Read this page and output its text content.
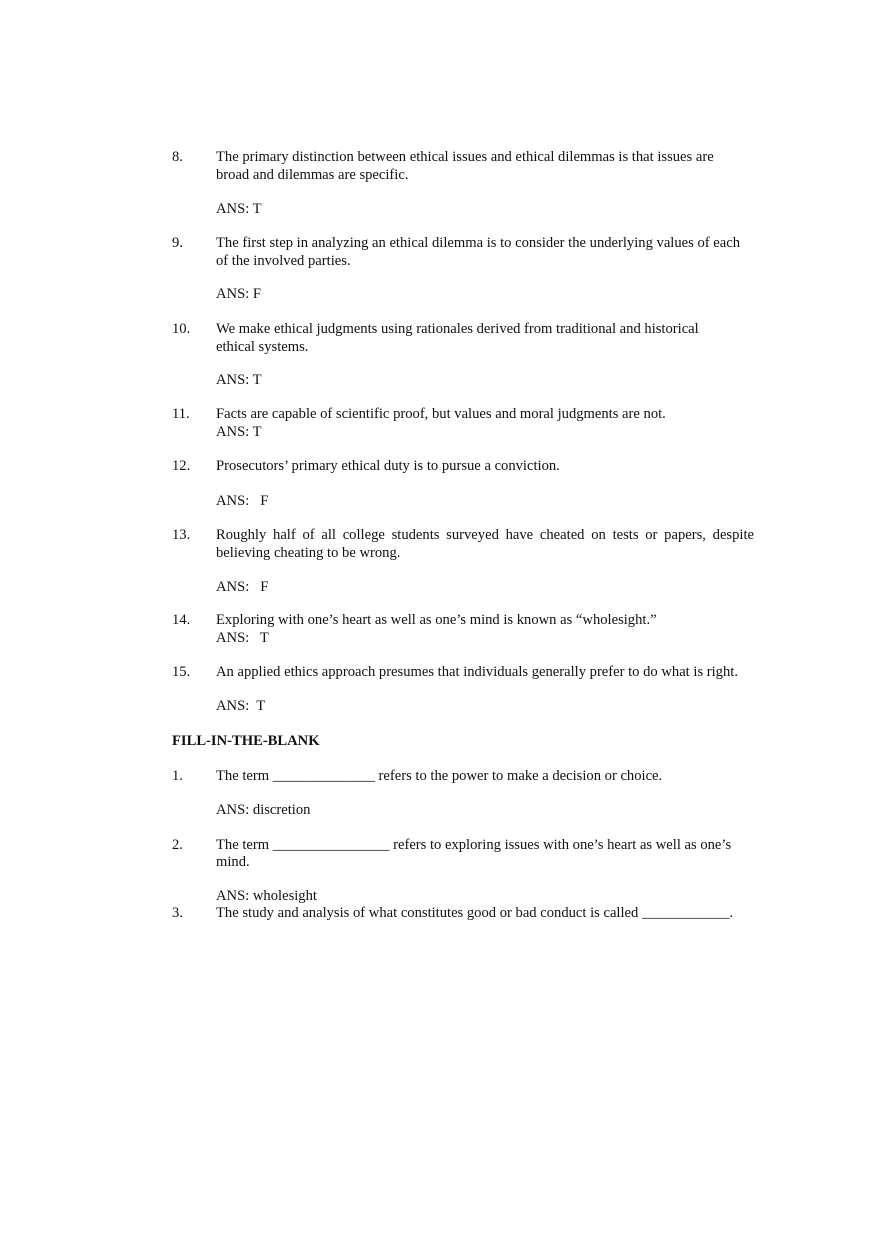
8. The primary distinction between ethical issues and ethical dilemmas is that issues are
broad and dilemmas are specific.
ANS: T
9. The first step in analyzing an ethical dilemma is to consider the underlying values of each
of the involved parties.
ANS: F
10. We make ethical judgments using rationales derived from traditional and historical
ethical systems.
ANS: T
11. Facts are capable of scientific proof, but values and moral judgments are not.
ANS: T
12. Prosecutors’ primary ethical duty is to pursue a conviction.
ANS:   F
13. Roughly half of all college students surveyed have cheated on tests or papers, despite
believing cheating to be wrong.
ANS:   F
14. Exploring with one’s heart as well as one’s mind is known as “wholesight.”
ANS:   T
15. An applied ethics approach presumes that individuals generally prefer to do what is right.
ANS:  T
FILL-IN-THE-BLANK
1. The term ______________ refers to the power to make a decision or choice.
ANS: discretion
2. The term ________________ refers to exploring issues with one’s heart as well as one’s
mind.
ANS: wholesight
3. The study and analysis of what constitutes good or bad conduct is called ____________.
